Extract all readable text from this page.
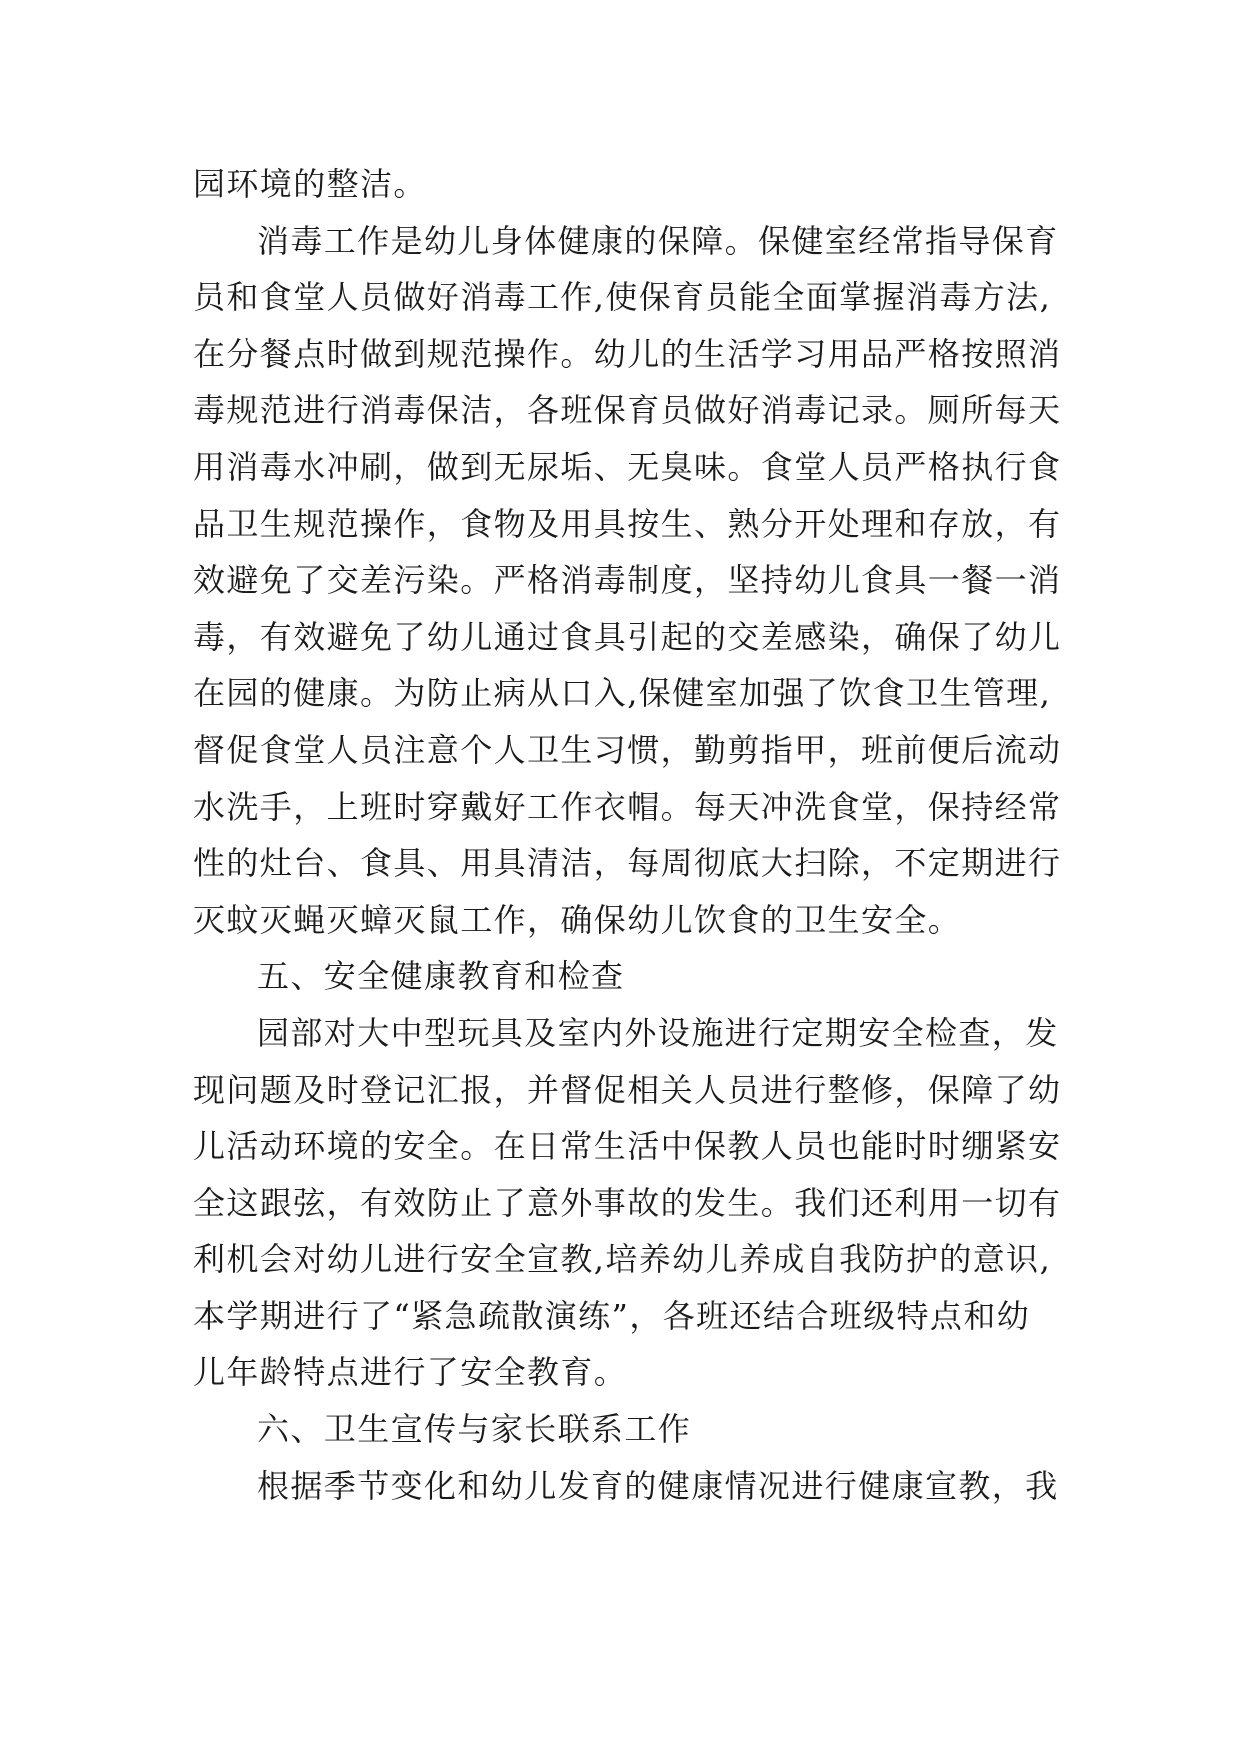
园环境的整洁。
消毒工作是幼儿身体健康的保障。保健室经常指导保育
员和食堂人员做好消毒工作,使保育员能全面掌握消毒方法,
在分餐点时做到规范操作。幼儿的生活学习用品严格按照消
毒规范进行消毒保洁，各班保育员做好消毒记录。厕所每天
用消毒水冲刷，做到无尿垢、无臭味。食堂人员严格执行食
品卫生规范操作，食物及用具按生、熟分开处理和存放，有
效避免了交差污染。严格消毒制度，坚持幼儿食具一餐一消
毒，有效避免了幼儿通过食具引起的交差感染，确保了幼儿
在园的健康。为防止病从口入,保健室加强了饮食卫生管理,
督促食堂人员注意个人卫生习惯，勤剪指甲，班前便后流动
水洗手，上班时穿戴好工作衣帽。每天冲洗食堂，保持经常
性的灶台、食具、用具清洁，每周彻底大扫除，不定期进行
灭蚊灭蝇灭蟑灭鼠工作，确保幼儿饮食的卫生安全。
五、安全健康教育和检查
园部对大中型玩具及室内外设施进行定期安全检查，发
现问题及时登记汇报，并督促相关人员进行整修，保障了幼
儿活动环境的安全。在日常生活中保教人员也能时时绷紧安
全这跟弦，有效防止了意外事故的发生。我们还利用一切有
利机会对幼儿进行安全宣教,培养幼儿养成自我防护的意识,
本学期进行了“紧急疏散演练”，各班还结合班级特点和幼
儿年龄特点进行了安全教育。
六、卫生宣传与家长联系工作
根据季节变化和幼儿发育的健康情况进行健康宣教，我
